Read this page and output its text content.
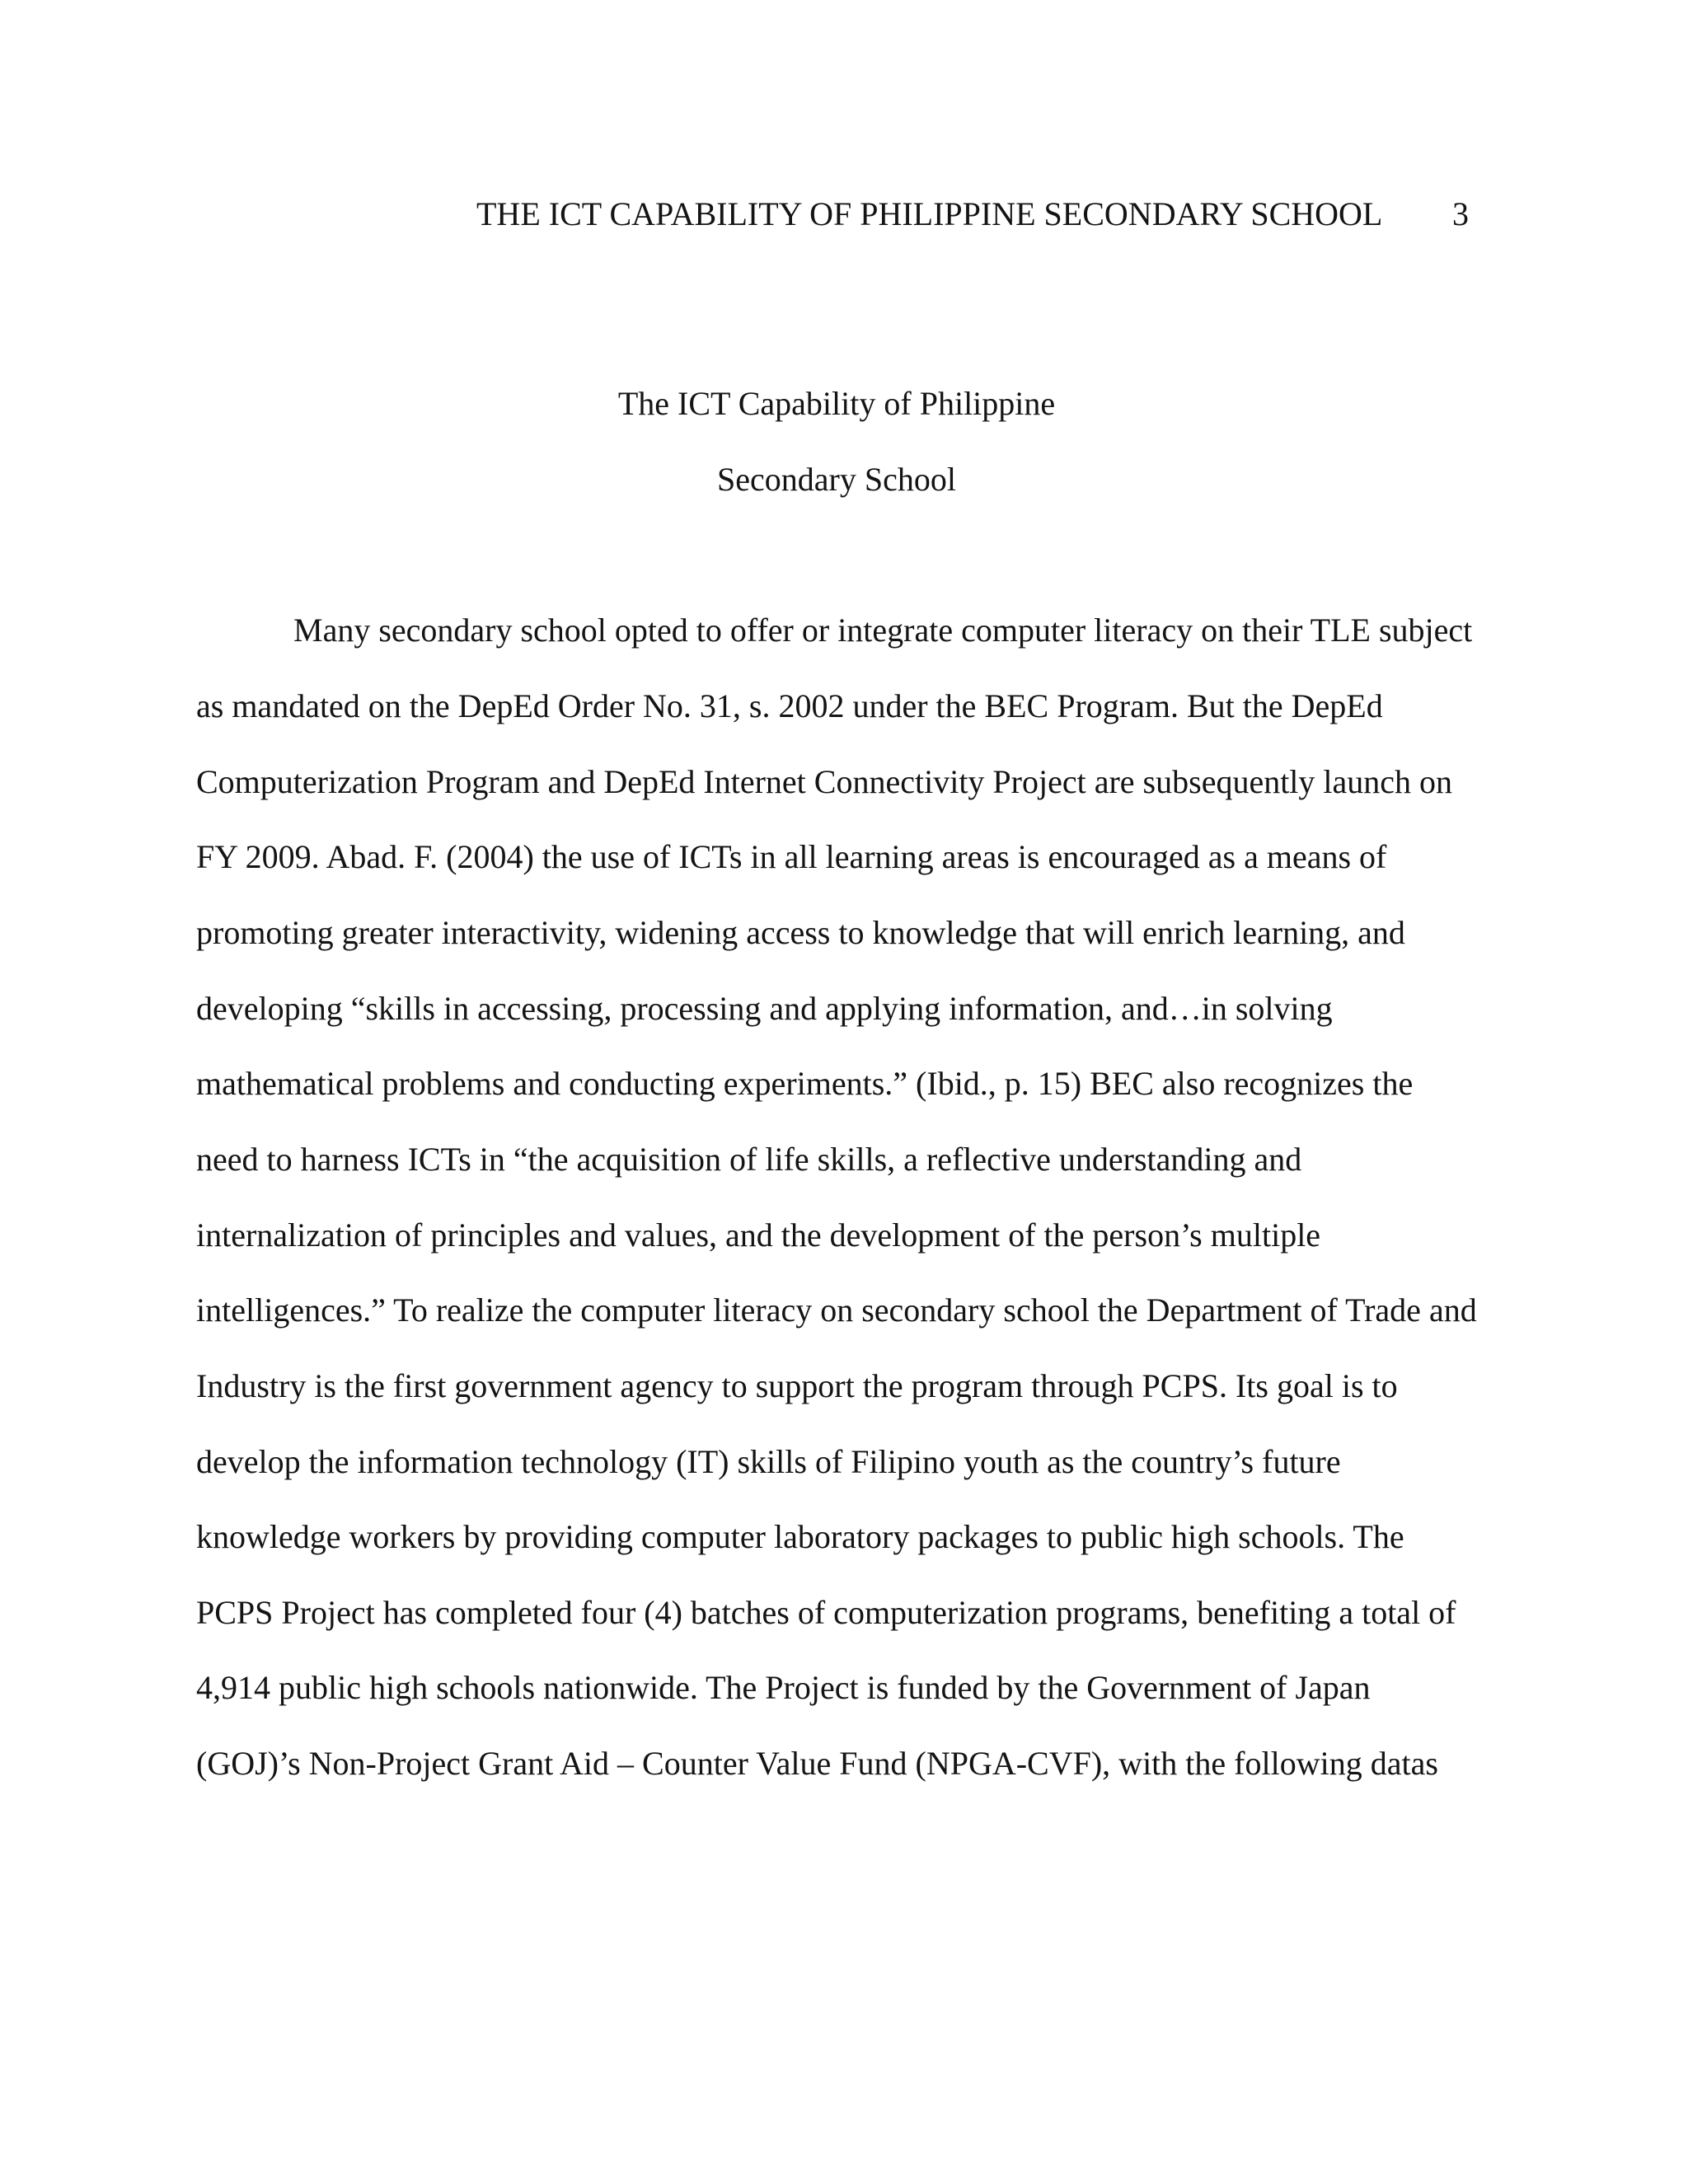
THE ICT CAPABILITY OF PHILIPPINE SECONDARY SCHOOL 3
The ICT Capability of Philippine
Secondary School
Many secondary school opted to offer or integrate computer literacy on their TLE subject
as mandated on the DepEd Order No. 31, s. 2002 under the BEC Program. But the DepEd
Computerization Program and DepEd Internet Connectivity Project are subsequently launch on
FY 2009. Abad. F. (2004) the use of ICTs in all learning areas is encouraged as a means of
promoting greater interactivity, widening access to knowledge that will enrich learning, and
developing “skills in accessing, processing and applying information, and…in solving
mathematical problems and conducting experiments.” (Ibid., p. 15) BEC also recognizes the
need to harness ICTs in “the acquisition of life skills, a reflective understanding and
internalization of principles and values, and the development of the person’s multiple
intelligences.” To realize the computer literacy on secondary school the Department of Trade and
Industry is the first government agency to support the program through PCPS. Its goal is to
develop the information technology (IT) skills of Filipino youth as the country’s future
knowledge workers by providing computer laboratory packages to public high schools. The
PCPS Project has completed four (4) batches of computerization programs, benefiting a total of
4,914 public high schools nationwide. The Project is funded by the Government of Japan
(GOJ)’s Non-Project Grant Aid – Counter Value Fund (NPGA-CVF), with the following datas
